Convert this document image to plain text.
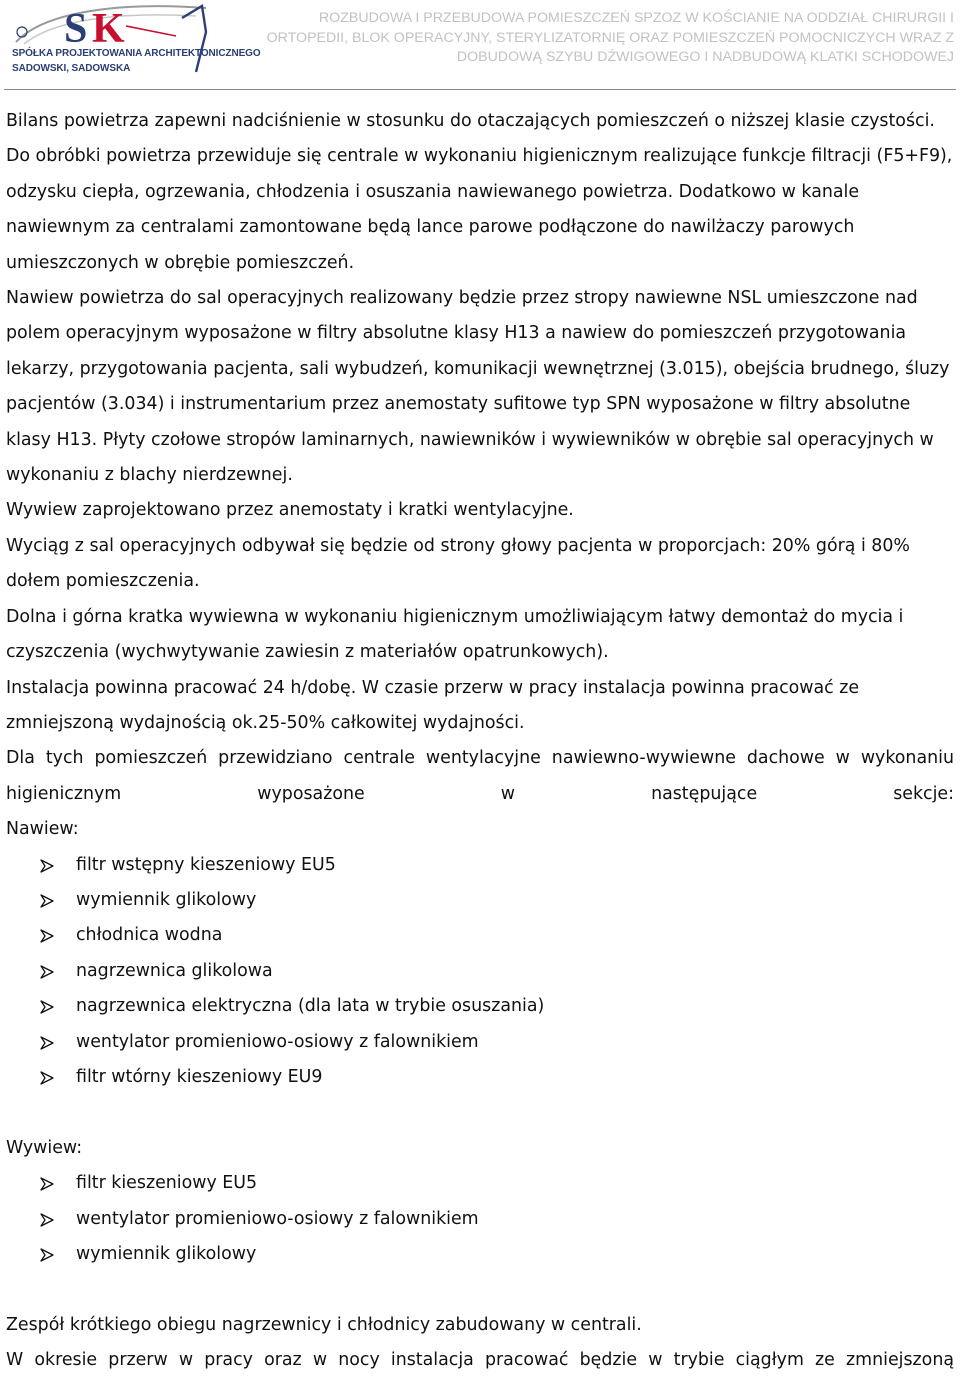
S K
SPÓŁKA PROJEKTOWANIA ARCHITEKTONICZNEGO
SADOWSKI, SADOWSKA
ROZBUDOWA I PRZEBUDOWA POMIESZCZEŃ SPZOZ W KOŚCIANIE NA ODDZIAŁ CHIRURGII I ORTOPEDII, BLOK OPERACYJNY, STERYLIZATORNIĘ ORAZ POMIESZCZEŃ POMOCNICZYCH WRAZ Z DOBUDOWĄ SZYBU DŹWIGOWEGO I NADBUDOWĄ KLATKI SCHODOWEJ

Bilans powietrza zapewni nadciśnienie w stosunku do otaczających pomieszczeń o niższej klasie czystości.

Do obróbki powietrza przewiduje się centrale w wykonaniu higienicznym realizujące funkcje filtracji (F5+F9), odzysku ciepła, ogrzewania, chłodzenia i osuszania nawiewanego powietrza. Dodatkowo w kanale nawiewnym za centralami zamontowane będą lance parowe podłączone do nawilżaczy parowych umieszczonych w obrębie pomieszczeń.

Nawiew powietrza do sal operacyjnych realizowany będzie przez stropy nawiewne NSL umieszczone nad polem operacyjnym wyposażone w filtry absolutne klasy H13 a nawiew do pomieszczeń przygotowania lekarzy, przygotowania pacjenta, sali wybudzeń, komunikacji wewnętrznej (3.015), obejścia brudnego, śluzy pacjentów (3.034) i instrumentarium przez anemostaty sufitowe typ SPN wyposażone w filtry absolutne klasy H13. Płyty czołowe stropów laminarnych, nawiewników i wywiewników w obrębie sal operacyjnych w wykonaniu z blachy nierdzewnej.

Wywiew zaprojektowano przez anemostaty i kratki wentylacyjne.

Wyciąg z sal operacyjnych odbywał się będzie od strony głowy pacjenta w proporcjach: 20% górą i 80% dołem pomieszczenia.

Dolna i górna kratka wywiewna w wykonaniu higienicznym umożliwiającym łatwy demontaż do mycia i czyszczenia (wychwytywanie zawiesin z materiałów opatrunkowych).

Instalacja powinna pracować 24 h/dobę. W czasie przerw w pracy instalacja powinna pracować ze zmniejszoną wydajnością ok.25-50% całkowitej wydajności.

Dla tych pomieszczeń przewidziano centrale wentylacyjne nawiewno-wywiewne dachowe w wykonaniu higienicznym wyposażone w następujące sekcje:

Nawiew:

filtr wstępny kieszeniowy EU5
wymiennik glikolowy
chłodnica wodna
nagrzewnica glikolowa
nagrzewnica elektryczna (dla lata w trybie osuszania)
wentylator promieniowo-osiowy z falownikiem
filtr wtórny kieszeniowy EU9

Wywiew:

filtr kieszeniowy EU5
wentylator promieniowo-osiowy z falownikiem
wymiennik glikolowy

Zespół krótkiego obiegu nagrzewnicy i chłodnicy zabudowany w centrali.

W okresie przerw w pracy oraz w nocy instalacja pracować będzie w trybie ciągłym ze zmniejszoną
